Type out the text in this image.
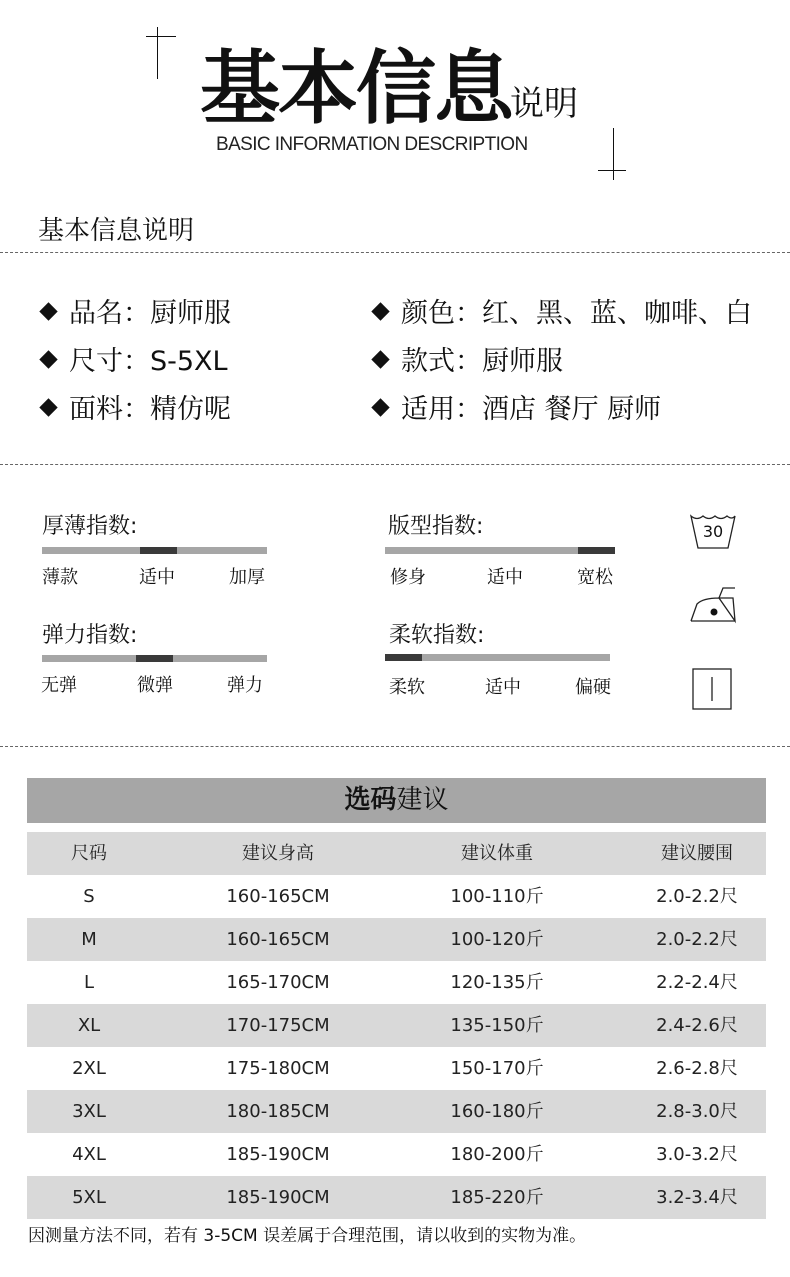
基本信息
说明
BASIC INFORMATION DESCRIPTION
基本信息说明
品名：厨师服
尺寸：S-5XL
面料：精仿呢
颜色：红、黑、蓝、咖啡、白
款式：厨师服
适用：酒店 餐厅 厨师
厚薄指数:
薄款	适中	加厚
版型指数:
修身	适中	宽松
弹力指数:
无弹	微弹	弹力
柔软指数:
柔软	适中	偏硬
30
选码建议
尺码	建议身高	建议体重	建议腰围
S	160-165CM	100-110斤	2.0-2.2尺
M	160-165CM	100-120斤	2.0-2.2尺
L	165-170CM	120-135斤	2.2-2.4尺
XL	170-175CM	135-150斤	2.4-2.6尺
2XL	175-180CM	150-170斤	2.6-2.8尺
3XL	180-185CM	160-180斤	2.8-3.0尺
4XL	185-190CM	180-200斤	3.0-3.2尺
5XL	185-190CM	185-220斤	3.2-3.4尺
因测量方法不同，若有 3-5CM 误差属于合理范围，请以收到的实物为准。
